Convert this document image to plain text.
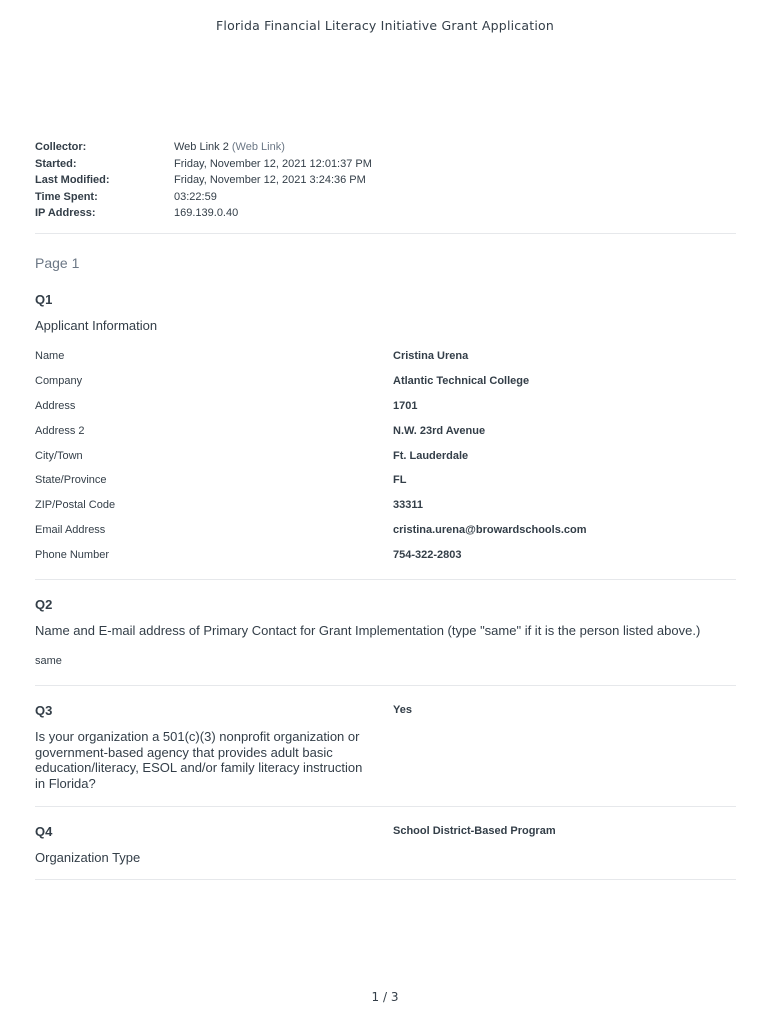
Florida Financial Literacy Initiative Grant Application
Collector:	Web Link 2 (Web Link)
Started:	Friday, November 12, 2021 12:01:37 PM
Last Modified:	Friday, November 12, 2021 3:24:36 PM
Time Spent:	03:22:59
IP Address:	169.139.0.40
Page 1
Q1
Applicant Information
Name	Cristina Urena
Company	Atlantic Technical College
Address	1701
Address 2	N.W. 23rd Avenue
City/Town	Ft. Lauderdale
State/Province	FL
ZIP/Postal Code	33311
Email Address	cristina.urena@browardschools.com
Phone Number	754-322-2803
Q2
Name and E-mail address of Primary Contact for Grant Implementation (type "same" if it is the person listed above.)
same
Q3	Yes
Is your organization a 501(c)(3) nonprofit organization or government-based agency that provides adult basic education/literacy, ESOL and/or family literacy instruction in Florida?
Q4	School District-Based Program
Organization Type
1 / 3
